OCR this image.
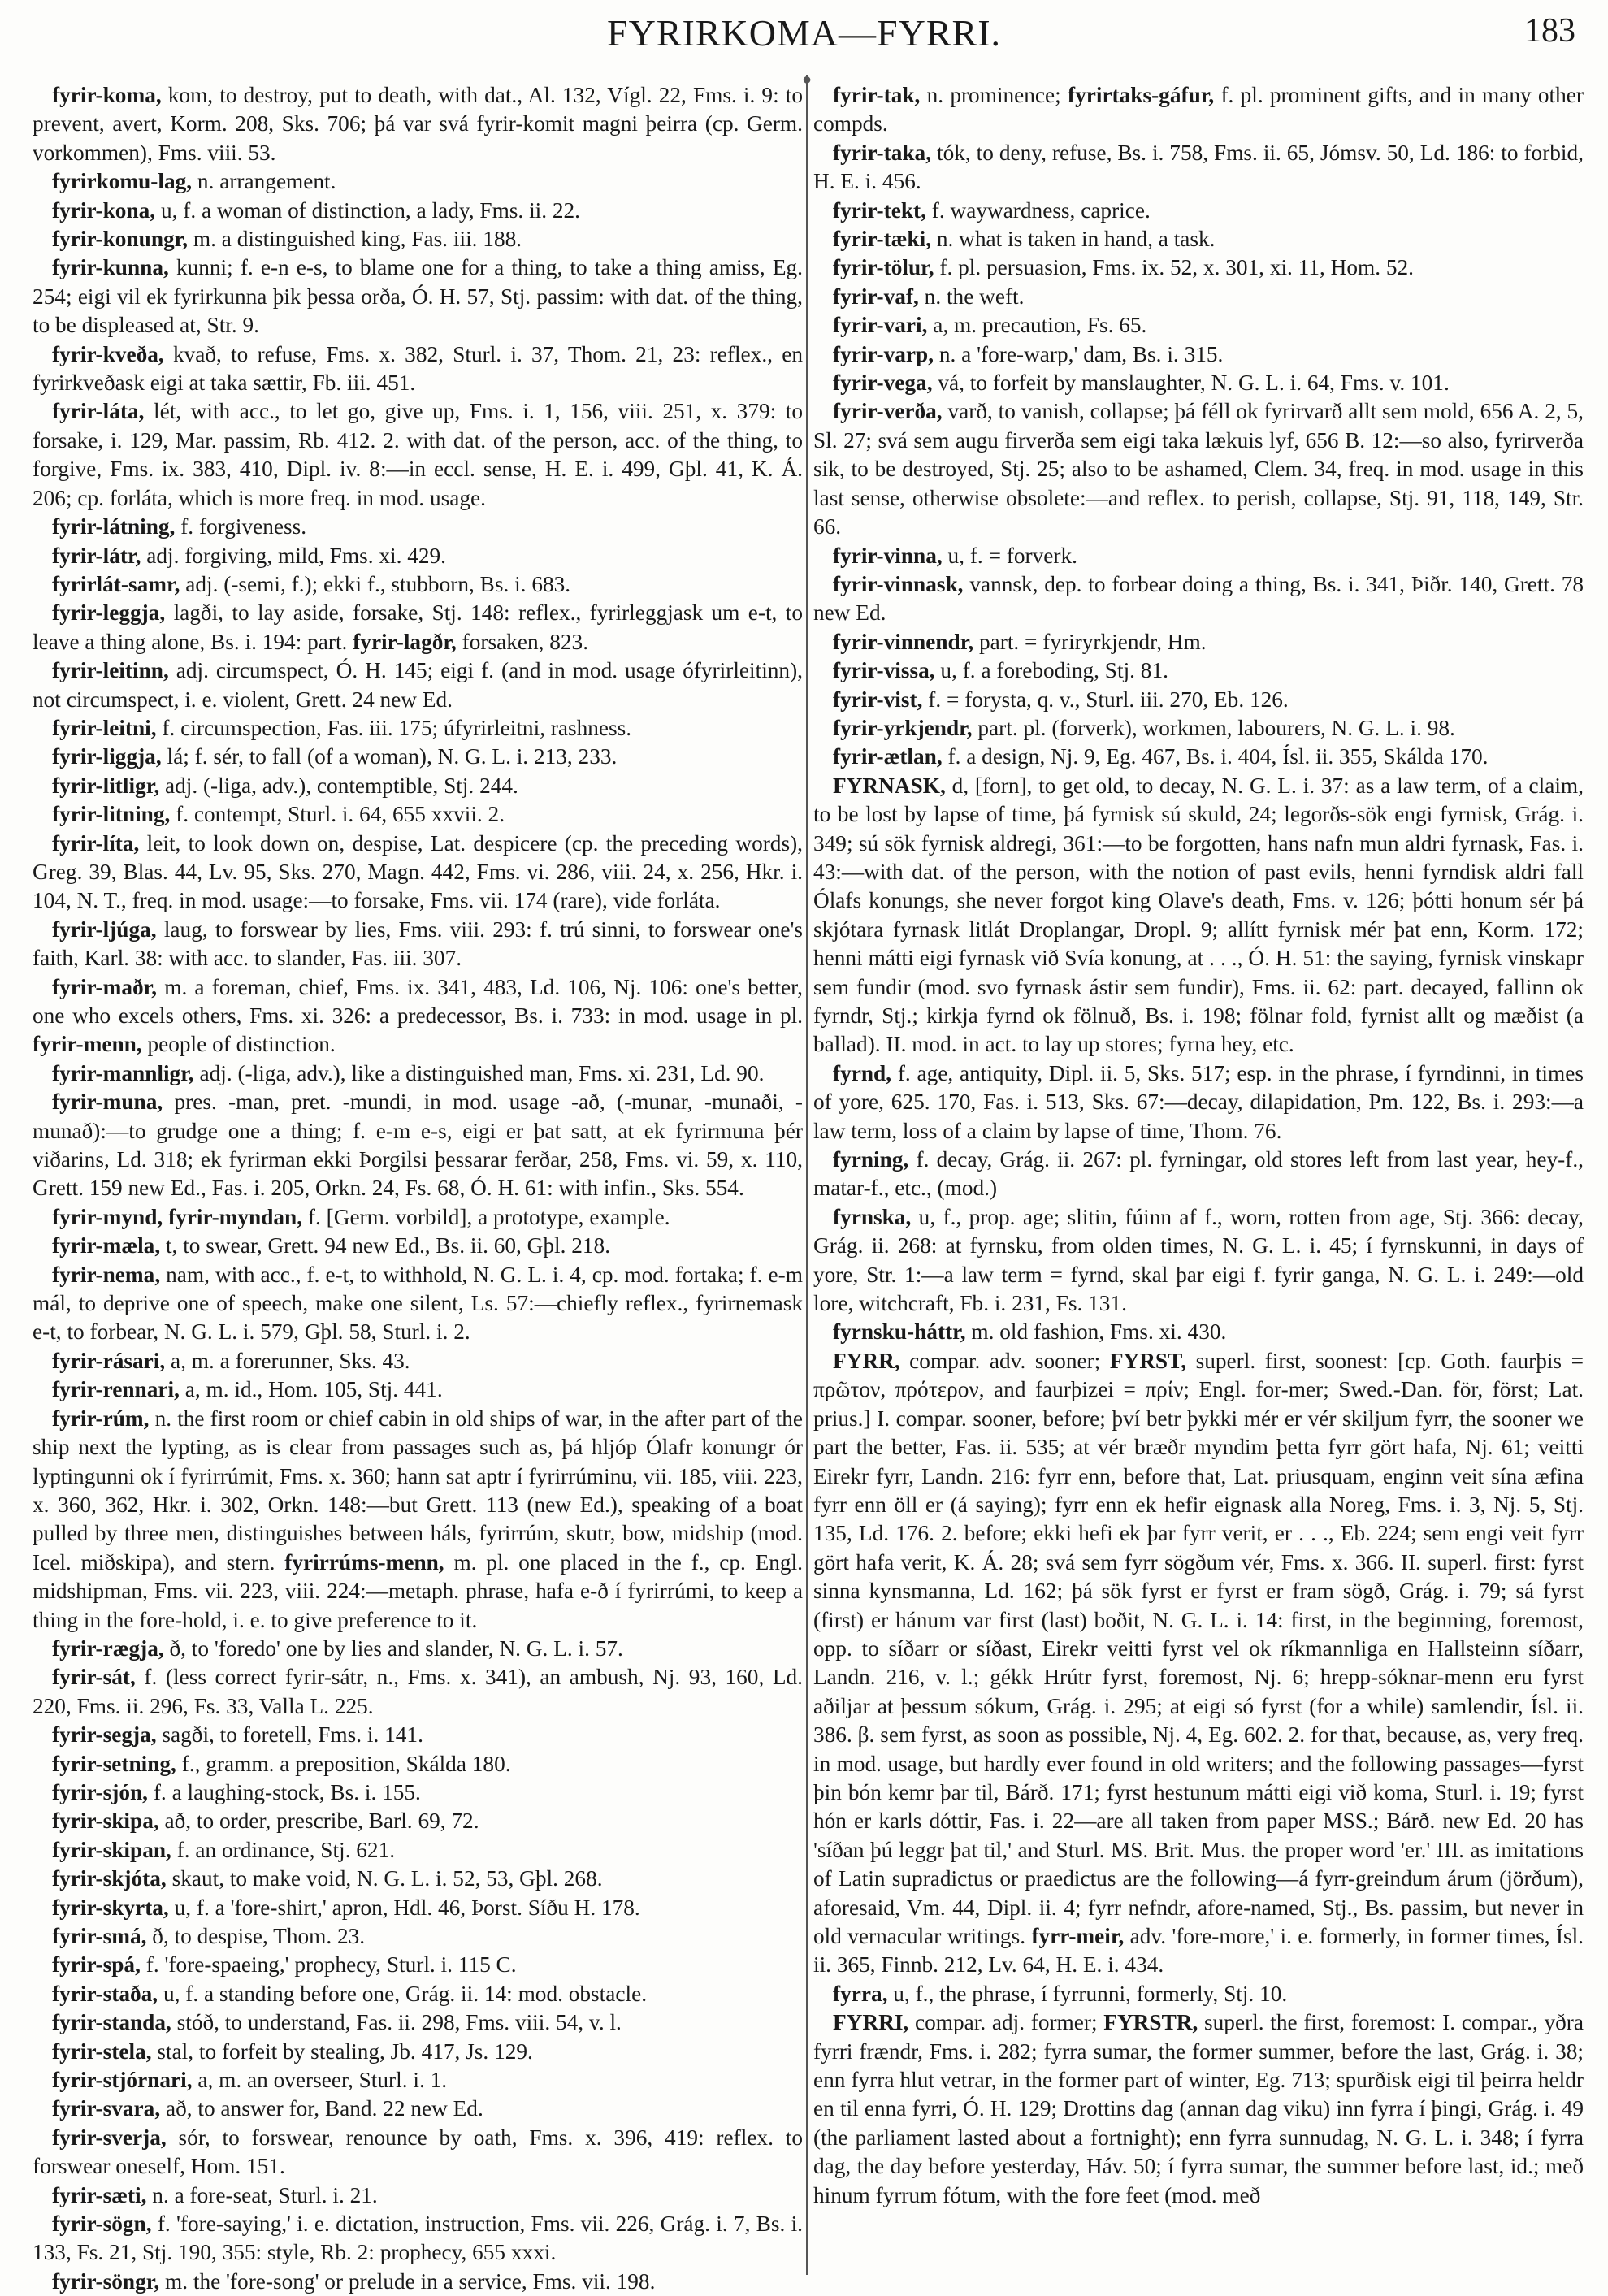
FYRIRKOMA—FYRRI.	183
●

fyrir-koma, kom, to destroy, put to death, with dat., Al. 132, Vígl. 22, Fms. i. 9: to prevent, avert, Korm. 208, Sks. 706; þá var svá fyrir-komit magni þeirra (cp. Germ. vorkommen), Fms. viii. 53.

fyrirkomu-lag, n. arrangement.

fyrir-kona, u, f. a woman of distinction, a lady, Fms. ii. 22.

fyrir-konungr, m. a distinguished king, Fas. iii. 188.

fyrir-kunna, kunni; f. e-n e-s, to blame one for a thing, to take a thing amiss, Eg. 254; eigi vil ek fyrirkunna þik þessa orða, Ó. H. 57, Stj. passim: with dat. of the thing, to be displeased at, Str. 9.

fyrir-kveða, kvað, to refuse, Fms. x. 382, Sturl. i. 37, Thom. 21, 23: reflex., en fyrirkveðask eigi at taka sættir, Fb. iii. 451.

fyrir-láta, lét, with acc., to let go, give up, Fms. i. 1, 156, viii. 251, x. 379: to forsake, i. 129, Mar. passim, Rb. 412. 2. with dat. of the person, acc. of the thing, to forgive, Fms. ix. 383, 410, Dipl. iv. 8:—in eccl. sense, H. E. i. 499, Gþl. 41, K. Á. 206; cp. forláta, which is more freq. in mod. usage.

fyrir-látning, f. forgiveness.

fyrir-látr, adj. forgiving, mild, Fms. xi. 429.

fyrirlát-samr, adj. (-semi, f.); ekki f., stubborn, Bs. i. 683.

fyrir-leggja, lagði, to lay aside, forsake, Stj. 148: reflex., fyrirleggjask um e-t, to leave a thing alone, Bs. i. 194: part. fyrir-lagðr, forsaken, 823.

fyrir-leitinn, adj. circumspect, Ó. H. 145; eigi f. (and in mod. usage ófyrirleitinn), not circumspect, i. e. violent, Grett. 24 new Ed.

fyrir-leitni, f. circumspection, Fas. iii. 175; úfyrirleitni, rashness.

fyrir-liggja, lá; f. sér, to fall (of a woman), N. G. L. i. 213, 233.

fyrir-litligr, adj. (-liga, adv.), contemptible, Stj. 244.

fyrir-litning, f. contempt, Sturl. i. 64, 655 xxvii. 2.

fyrir-líta, leit, to look down on, despise, Lat. despicere (cp. the preceding words), Greg. 39, Blas. 44, Lv. 95, Sks. 270, Magn. 442, Fms. vi. 286, viii. 24, x. 256, Hkr. i. 104, N. T., freq. in mod. usage:—to forsake, Fms. vii. 174 (rare), vide forláta.

fyrir-ljúga, laug, to forswear by lies, Fms. viii. 293: f. trú sinni, to forswear one's faith, Karl. 38: with acc. to slander, Fas. iii. 307.

fyrir-maðr, m. a foreman, chief, Fms. ix. 341, 483, Ld. 106, Nj. 106: one's better, one who excels others, Fms. xi. 326: a predecessor, Bs. i. 733: in mod. usage in pl. fyrir-menn, people of distinction.

fyrir-mannligr, adj. (-liga, adv.), like a distinguished man, Fms. xi. 231, Ld. 90.

fyrir-muna, pres. -man, pret. -mundi, in mod. usage -að, (-munar, -munaði, -munað):—to grudge one a thing; f. e-m e-s, eigi er þat satt, at ek fyrirmuna þér viðarins, Ld. 318; ek fyrirman ekki Þorgilsi þessarar ferðar, 258, Fms. vi. 59, x. 110, Grett. 159 new Ed., Fas. i. 205, Orkn. 24, Fs. 68, Ó. H. 61: with infin., Sks. 554.

fyrir-mynd, fyrir-myndan, f. [Germ. vorbild], a prototype, example.

fyrir-mæla, t, to swear, Grett. 94 new Ed., Bs. ii. 60, Gþl. 218.

fyrir-nema, nam, with acc., f. e-t, to withhold, N. G. L. i. 4, cp. mod. fortaka; f. e-m mál, to deprive one of speech, make one silent, Ls. 57:—chiefly reflex., fyrirnemask e-t, to forbear, N. G. L. i. 579, Gþl. 58, Sturl. i. 2.

fyrir-rásari, a, m. a forerunner, Sks. 43.

fyrir-rennari, a, m. id., Hom. 105, Stj. 441.

fyrir-rúm, n. the first room or chief cabin in old ships of war, in the after part of the ship next the lypting, as is clear from passages such as, þá hljóp Ólafr konungr ór lyptingunni ok í fyrirrúmit, Fms. x. 360; hann sat aptr í fyrirrúminu, vii. 185, viii. 223, x. 360, 362, Hkr. i. 302, Orkn. 148:—but Grett. 113 (new Ed.), speaking of a boat pulled by three men, distinguishes between háls, fyrirrúm, skutr, bow, midship (mod. Icel. miðskipa), and stern. fyrirrúms-menn, m. pl. one placed in the f., cp. Engl. midshipman, Fms. vii. 223, viii. 224:—metaph. phrase, hafa e-ð í fyrirrúmi, to keep a thing in the fore-hold, i. e. to give preference to it.

fyrir-rægja, ð, to 'foredo' one by lies and slander, N. G. L. i. 57.

fyrir-sát, f. (less correct fyrir-sátr, n., Fms. x. 341), an ambush, Nj. 93, 160, Ld. 220, Fms. ii. 296, Fs. 33, Valla L. 225.

fyrir-segja, sagði, to foretell, Fms. i. 141.

fyrir-setning, f., gramm. a preposition, Skálda 180.

fyrir-sjón, f. a laughing-stock, Bs. i. 155.

fyrir-skipa, að, to order, prescribe, Barl. 69, 72.

fyrir-skipan, f. an ordinance, Stj. 621.

fyrir-skjóta, skaut, to make void, N. G. L. i. 52, 53, Gþl. 268.

fyrir-skyrta, u, f. a 'fore-shirt,' apron, Hdl. 46, Þorst. Síðu H. 178.

fyrir-smá, ð, to despise, Thom. 23.

fyrir-spá, f. 'fore-spaeing,' prophecy, Sturl. i. 115 C.

fyrir-staða, u, f. a standing before one, Grág. ii. 14: mod. obstacle.

fyrir-standa, stóð, to understand, Fas. ii. 298, Fms. viii. 54, v. l.

fyrir-stela, stal, to forfeit by stealing, Jb. 417, Js. 129.

fyrir-stjórnari, a, m. an overseer, Sturl. i. 1.

fyrir-svara, að, to answer for, Band. 22 new Ed.

fyrir-sverja, sór, to forswear, renounce by oath, Fms. x. 396, 419: reflex. to forswear oneself, Hom. 151.

fyrir-sæti, n. a fore-seat, Sturl. i. 21.

fyrir-sögn, f. 'fore-saying,' i. e. dictation, instruction, Fms. vii. 226, Grág. i. 7, Bs. i. 133, Fs. 21, Stj. 190, 355: style, Rb. 2: prophecy, 655 xxxi.

fyrir-söngr, m. the 'fore-song' or prelude in a service, Fms. vii. 198.

fyrir-tak, n. prominence; fyrirtaks-gáfur, f. pl. prominent gifts, and in many other compds.

fyrir-taka, tók, to deny, refuse, Bs. i. 758, Fms. ii. 65, Jómsv. 50, Ld. 186: to forbid, H. E. i. 456.

fyrir-tekt, f. waywardness, caprice.

fyrir-tæki, n. what is taken in hand, a task.

fyrir-tölur, f. pl. persuasion, Fms. ix. 52, x. 301, xi. 11, Hom. 52.

fyrir-vaf, n. the weft.

fyrir-vari, a, m. precaution, Fs. 65.

fyrir-varp, n. a 'fore-warp,' dam, Bs. i. 315.

fyrir-vega, vá, to forfeit by manslaughter, N. G. L. i. 64, Fms. v. 101.

fyrir-verða, varð, to vanish, collapse; þá féll ok fyrirvarð allt sem mold, 656 A. 2, 5, Sl. 27; svá sem augu firverða sem eigi taka lækuis lyf, 656 B. 12:—so also, fyrirverða sik, to be destroyed, Stj. 25; also to be ashamed, Clem. 34, freq. in mod. usage in this last sense, otherwise obsolete:—and reflex. to perish, collapse, Stj. 91, 118, 149, Str. 66.

fyrir-vinna, u, f. = forverk.

fyrir-vinnask, vannsk, dep. to forbear doing a thing, Bs. i. 341, Þiðr. 140, Grett. 78 new Ed.

fyrir-vinnendr, part. = fyriryrkjendr, Hm.

fyrir-vissa, u, f. a foreboding, Stj. 81.

fyrir-vist, f. = forysta, q. v., Sturl. iii. 270, Eb. 126.

fyrir-yrkjendr, part. pl. (forverk), workmen, labourers, N. G. L. i. 98.

fyrir-ætlan, f. a design, Nj. 9, Eg. 467, Bs. i. 404, Ísl. ii. 355, Skálda 170.

FYRNASK, d, [forn], to get old, to decay, N. G. L. i. 37: as a law term, of a claim, to be lost by lapse of time, þá fyrnisk sú skuld, 24; legorðs-sök engi fyrnisk, Grág. i. 349; sú sök fyrnisk aldregi, 361:—to be forgotten, hans nafn mun aldri fyrnask, Fas. i. 43:—with dat. of the person, with the notion of past evils, henni fyrndisk aldri fall Ólafs konungs, she never forgot king Olave's death, Fms. v. 126; þótti honum sér þá skjótara fyrnask litlát Droplangar, Dropl. 9; allítt fyrnisk mér þat enn, Korm. 172; henni mátti eigi fyrnask við Svía konung, at . . ., Ó. H. 51: the saying, fyrnisk vinskapr sem fundir (mod. svo fyrnask ástir sem fundir), Fms. ii. 62: part. decayed, fallinn ok fyrndr, Stj.; kirkja fyrnd ok fölnuð, Bs. i. 198; fölnar fold, fyrnist allt og mæðist (a ballad). II. mod. in act. to lay up stores; fyrna hey, etc.

fyrnd, f. age, antiquity, Dipl. ii. 5, Sks. 517; esp. in the phrase, í fyrndinni, in times of yore, 625. 170, Fas. i. 513, Sks. 67:—decay, dilapidation, Pm. 122, Bs. i. 293:—a law term, loss of a claim by lapse of time, Thom. 76.

fyrning, f. decay, Grág. ii. 267: pl. fyrningar, old stores left from last year, hey-f., matar-f., etc., (mod.)

fyrnska, u, f., prop. age; slitin, fúinn af f., worn, rotten from age, Stj. 366: decay, Grág. ii. 268: at fyrnsku, from olden times, N. G. L. i. 45; í fyrnskunni, in days of yore, Str. 1:—a law term = fyrnd, skal þar eigi f. fyrir ganga, N. G. L. i. 249:—old lore, witchcraft, Fb. i. 231, Fs. 131.

fyrnsku-háttr, m. old fashion, Fms. xi. 430.

FYRR, compar. adv. sooner; FYRST, superl. first, soonest: [cp. Goth. faurþis = πρῶτον, πρότερον, and faurþizei = πρίν; Engl. for-mer; Swed.-Dan. för, först; Lat. prius.] I. compar. sooner, before; því betr þykki mér er vér skiljum fyrr, the sooner we part the better, Fas. ii. 535; at vér bræðr myndim þetta fyrr gört hafa, Nj. 61; veitti Eirekr fyrr, Landn. 216: fyrr enn, before that, Lat. priusquam, enginn veit sína æfina fyrr enn öll er (á saying); fyrr enn ek hefir eignask alla Noreg, Fms. i. 3, Nj. 5, Stj. 135, Ld. 176. 2. before; ekki hefi ek þar fyrr verit, er . . ., Eb. 224; sem engi veit fyrr gört hafa verit, K. Á. 28; svá sem fyrr sögðum vér, Fms. x. 366. II. superl. first: fyrst sinna kynsmanna, Ld. 162; þá sök fyrst er fyrst er fram sögð, Grág. i. 79; sá fyrst (first) er hánum var first (last) boðit, N. G. L. i. 14: first, in the beginning, foremost, opp. to síðarr or síðast, Eirekr veitti fyrst vel ok ríkmannliga en Hallsteinn síðarr, Landn. 216, v. l.; gékk Hrútr fyrst, foremost, Nj. 6; hrepp-sóknar-menn eru fyrst aðiljar at þessum sókum, Grág. i. 295; at eigi só fyrst (for a while) samlendir, Ísl. ii. 386. β. sem fyrst, as soon as possible, Nj. 4, Eg. 602. 2. for that, because, as, very freq. in mod. usage, but hardly ever found in old writers; and the following passages—fyrst þin bón kemr þar til, Bárð. 171; fyrst hestunum mátti eigi við koma, Sturl. i. 19; fyrst hón er karls dóttir, Fas. i. 22—are all taken from paper MSS.; Bárð. new Ed. 20 has 'síðan þú leggr þat til,' and Sturl. MS. Brit. Mus. the proper word 'er.' III. as imitations of Latin supradictus or praedictus are the following—á fyrr-greindum árum (jörðum), aforesaid, Vm. 44, Dipl. ii. 4; fyrr nefndr, afore-named, Stj., Bs. passim, but never in old vernacular writings. fyrr-meir, adv. 'fore-more,' i. e. formerly, in former times, Ísl. ii. 365, Finnb. 212, Lv. 64, H. E. i. 434.

fyrra, u, f., the phrase, í fyrrunni, formerly, Stj. 10.

FYRRI, compar. adj. former; FYRSTR, superl. the first, foremost: I. compar., yðra fyrri frændr, Fms. i. 282; fyrra sumar, the former summer, before the last, Grág. i. 38; enn fyrra hlut vetrar, in the former part of winter, Eg. 713; spurðisk eigi til þeirra heldr en til enna fyrri, Ó. H. 129; Drottins dag (annan dag viku) inn fyrra í þingi, Grág. i. 49 (the parliament lasted about a fortnight); enn fyrra sunnudag, N. G. L. i. 348; í fyrra dag, the day before yesterday, Háv. 50; í fyrra sumar, the summer before last, id.; með hinum fyrrum fótum, with the fore feet (mod. með
